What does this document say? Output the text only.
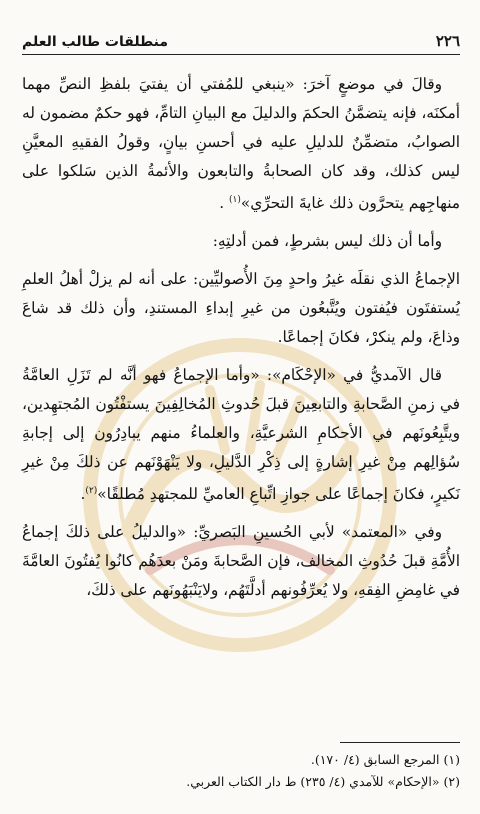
٢٢٦
منطلقات طالب العلم

وقالَ في موضعٍ آخرَ: «ينبغي للمُفتي أن يفتيَ بلفظِ النصِّ مهما أمكنَه، فإنه يتضمَّنُ الحكمَ والدليلَ مع البيانِ التامِّ، فهو حكمٌ مضمون له الصوابُ، متضمِّنٌ للدليلِ عليه في أحسنِ بيانٍ، وقولُ الفقيهِ المعيَّنِ ليس كذلك، وقد كان الصحابةُ والتابعون والأئمةُ الذين سَلكوا على منهاجِهم يتحرَّون ذلك غايةَ التحرِّي»$^{(١)}$ .

وأما أن ذلك ليس بشرطٍ، فمن أدلتِهِ:

الإجماعُ الذي نقلَه غيرُ واحدٍ مِنَ الأُصوليِّين: على أنه لم يزلْ أهلُ العلمِ يُستفتَون فيُفتون ويُتَّبعُون من غيرِ إبداءِ المستندِ، وأن ذلك قد شاعَ وذاعَ، ولم ينكرْ، فكانَ إجماعًا.

قال الآمديُّ في «الإحْكَام»: «وأما الإجماعُ فهو أنَّه لم تَزَلِ العامَّةُ في زمنِ الصَّحابةِ والتابعِينَ قبلَ حُدوثِ المُخالِفِينَ يستفْتُون المُجتهِدين، ويتَّبِعُونَهم في الأحكامِ الشرعيَّةِ، والعلماءُ منهم يبادِرُون إلى إجابةِ سُؤالِهم مِنْ غيرِ إشارةٍ إلى ذِكْرِ الدَّليلِ، ولا يَنْهَوْنَهم عن ذلكَ مِنْ غيرِ نَكيرٍ، فكانَ إجماعًا على جوازِ اتِّباعِ العاميِّ للمجتهدِ مُطلقًا»$^{(٢)}$.

وفي «المعتمد» لأبي الحُسينِ البَصريِّ: «والدليلُ على ذلكَ إجماعُ الأُمَّةِ قبلَ حُدُوثِ المخالف، فإن الصَّحابةَ ومَنْ بعدَهُم كانُوا يُفتُونَ العامَّةَ في غامِضِ الفِقهِ، ولا يُعرِّفُونهم أدلَّتَهُم، ولايَنْبَهُونَهم على ذلكَ،

(١) المرجع السابق (٤/ ١٧٠).

(٢) «الإحكام» للآمدي (٤/ ٢٣٥) ط دار الكتاب العربي.
